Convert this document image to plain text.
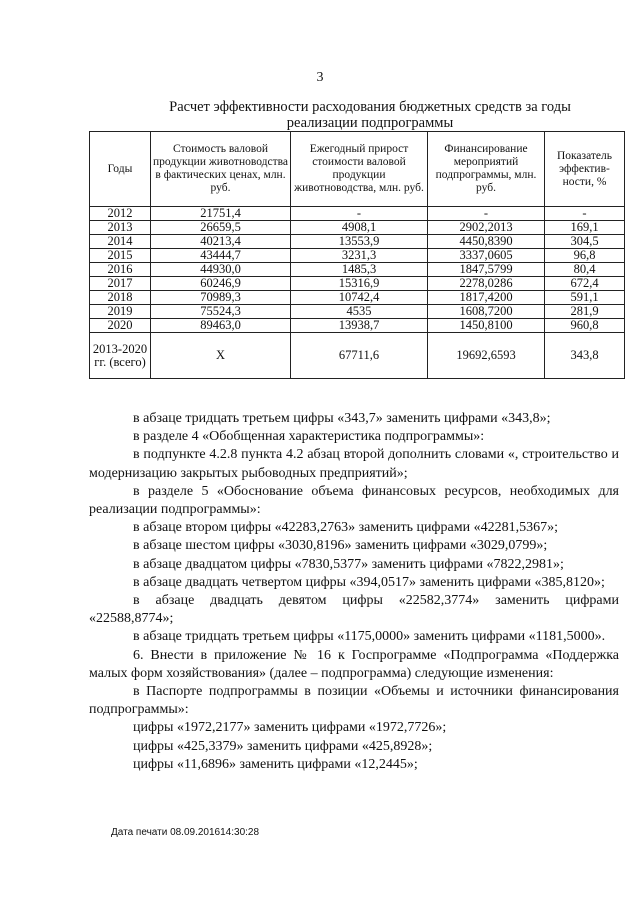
3
Расчет эффективности расходования бюджетных средств за годы реализации подпрограммы
Годы	Стоимость валовой продукции животноводства в фактических ценах, млн. руб.	Ежегодный прирост стоимости валовой продукции животноводства, млн. руб.	Финансирование мероприятий подпрограммы, млн. руб.	Показатель эффектив-ности, %
2012	21751,4	-	-	-
2013	26659,5	4908,1	2902,2013	169,1
2014	40213,4	13553,9	4450,8390	304,5
2015	43444,7	3231,3	3337,0605	96,8
2016	44930,0	1485,3	1847,5799	80,4
2017	60246,9	15316,9	2278,0286	672,4
2018	70989,3	10742,4	1817,4200	591,1
2019	75524,3	4535	1608,7200	281,9
2020	89463,0	13938,7	1450,8100	960,8
2013-2020 гг. (всего)	X	67711,6	19692,6593	343,8

в абзаце тридцать третьем цифры «343,7» заменить цифрами «343,8»;

в разделе 4 «Обобщенная характеристика подпрограммы»:

в подпункте 4.2.8 пункта 4.2 абзац второй дополнить словами «, строительство и модернизацию закрытых рыбоводных предприятий»;

в разделе 5 «Обоснование объема финансовых ресурсов, необходимых для реализации подпрограммы»:

в абзаце втором цифры «42283,2763» заменить цифрами «42281,5367»;

в абзаце шестом цифры «3030,8196» заменить цифрами «3029,0799»;

в абзаце двадцатом цифры «7830,5377» заменить цифрами «7822,2981»;

в абзаце двадцать четвертом цифры «394,0517» заменить цифрами «385,8120»;

в абзаце двадцать девятом цифры «22582,3774» заменить цифрами «22588,8774»;

в абзаце тридцать третьем цифры «1175,0000» заменить цифрами «1181,5000».

6. Внести в приложение № 16 к Госпрограмме «Подпрограмма «Поддержка малых форм хозяйствования» (далее – подпрограмма) следующие изменения:

в Паспорте подпрограммы в позиции «Объемы и источники финансирования подпрограммы»:

цифры «1972,2177» заменить цифрами «1972,7726»;

цифры «425,3379» заменить цифрами «425,8928»;

цифры «11,6896» заменить цифрами «12,2445»;

Дата печати 08.09.201614:30:28
